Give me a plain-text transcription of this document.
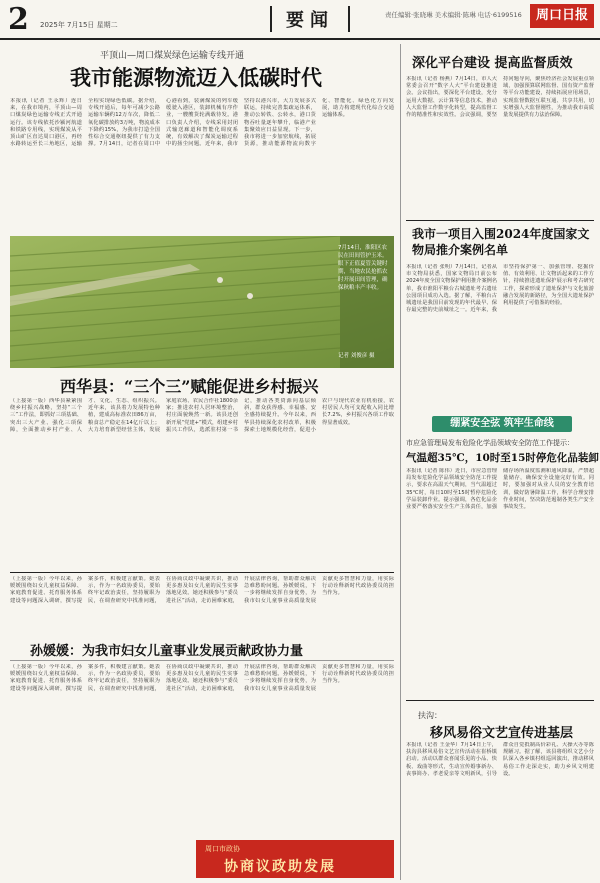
2 2025年 7月15日 星期二	要闻	责任编辑·张晓琳 美术编辑·陈琳 电话·6199516	周口日报
平顶山—周口煤炭绿色运输专线开通
我市能源物流迈入低碳时代
本报讯（记者 王永辉）连日来，在我市境内，平顶山—周口煤炭绿色运输专线正式开通运行。该专线依托沙颍河航道和铁路专用线，实现煤炭从平顶山矿区直达周口港区，再经水路转运至长三角地区，运输全程实现绿色低碳。据介绍，专线开通后，每年可减少公路运输车辆约12万车次，降低二氧化碳排放约3万吨，物流成本下降约15%，为我市打造全国性综合交通枢纽提供了有力支撑。7月14日，记者在周口中心港看到，装满煤炭的列车缓缓驶入港区，装卸机械有序作业，一艘艘货轮满载待发。港口负责人介绍，专线采用封闭式输送廊道和智能化调度系统，有效解决了煤炭运输过程中的扬尘问题。近年来，我市坚持以港兴市，大力发展多式联运，持续完善集疏运体系，推动公转铁、公转水，港口货物吞吐量逐年攀升，临港产业集聚效应日益显现。下一步，我市将进一步加密航线，拓展货源，推动能源物流向数字化、智能化、绿色化方向发展，助力构建现代化综合交通运输体系。
7月14日，淮阳区农民在田间管护玉米。眼下正值夏管关键时期，当地农民抢抓农时开展田间管理，确保秋粮丰产丰收。
记者 刘俊彦 摄
西华县：“三个三”赋能促进乡村振兴
（上接第一版）西华县紧紧围绕乡村振兴战略，坚持“三个三”工作法，即抓好三项基础、突出三大产业、强化三项保障，全面推动乡村产业、人才、文化、生态、组织振兴。近年来，该县着力发展特色种植，建成高标准农田86万亩，粮食总产稳定在14亿斤以上；大力培育新型经营主体，发展家庭农场、农民合作社1800余家；推进农村人居环境整治，村庄面貌焕然一新。该县还创新开展“党建+”模式，组建乡村振兴工作队，选派驻村第一书记，推动各类资源向基层倾斜，群众获得感、幸福感、安全感持续提升。今年以来，西华县持续深化农村改革，积极探索土地规模化经营，促进小农户与现代农业有机衔接，农村居民人均可支配收入同比增长7.2%，乡村振兴各项工作取得显著成效。
（上接第一版）今年以来，孙媛媛围绕妇女儿童权益保障、家庭教育促进、托育服务体系建设等问题深入调研，撰写提案多件，积极建言献策。她表示，作为一名政协委员，要始终牢记政治责任，坚持履职为民，在调查研究中找准问题，在协商议政中凝聚共识，推动更多惠及妇女儿童的民生实事落地见效。她还积极参与“委员进社区”活动，走访困难家庭，开展法律咨询，帮助群众解决急难愁盼问题。孙媛媛说，下一步将继续发挥自身优势，为我市妇女儿童事业高质量发展贡献更多智慧和力量，用实际行动诠释新时代政协委员的担当作为。
孙媛媛：为我市妇女儿童事业发展贡献政协力量
（上接第一版）今年以来，孙媛媛围绕妇女儿童权益保障、家庭教育促进、托育服务体系建设等问题深入调研，撰写提案多件，积极建言献策。她表示，作为一名政协委员，要始终牢记政治责任，坚持履职为民，在调查研究中找准问题，在协商议政中凝聚共识，推动更多惠及妇女儿童的民生实事落地见效。她还积极参与“委员进社区”活动，走访困难家庭，开展法律咨询，帮助群众解决急难愁盼问题。孙媛媛说，下一步将继续发挥自身优势，为我市妇女儿童事业高质量发展贡献更多智慧和力量，用实际行动诠释新时代政协委员的担当作为。
周口市政协
协商议政助发展
深化平台建设 提高监督质效
本报讯（记者 杨燕）7月14日，市人大常委会召开“数字人大”平台建设推进会。会议指出，要深化平台建设，充分运用大数据、云计算等信息技术，推动人大监督工作数字化转型，提高监督工作的精准性和实效性。会议强调，要坚持问题导向，聚焦经济社会发展重点领域，加强预算联网监督、国有资产监督等平台功能建设，持续拓展应用场景，实现监督数据互联互通、共享共用，切实增强人大监督刚性，为推动我市高质量发展提供有力法治保障。
我市一项目入围2024年度国家文物局推介案例名单
本报讯（记者 张明）7月14日，记者从市文物局获悉，国家文物局日前公布2024年度全国文物保护利用推介案例名单，我市淮阳平粮台古城遗址考古遗址公园项目成功入选。据了解，平粮台古城遗址是我国目前发现的年代最早、保存最完整的史前城址之一。近年来，我市坚持保护第一、加强管理、挖掘价值、有效利用、让文物活起来的工作方针，持续推进遗址保护展示和考古研究工作，探索形成了遗址保护与文化旅游融合发展的新路径，为全国大遗址保护利用提供了可借鉴的经验。
绷紧安全弦 筑牢生命线
市应急管理局发布危险化学品领域安全防范工作提示：
气温超35℃，10时至15时停危化品装卸
本报讯（记者 陈伟）近日，市应急管理局发布危险化学品领域安全防范工作提示，要求在高温天气期间，当气温超过35℃时，每日10时至15时暂停危险化学品装卸作业。提示强调，各危化品企业要严格落实安全生产主体责任，加强储存场所温度监测和通风降温，严禁超量储存，确保安全设施完好有效。同时，要加强对从业人员的安全教育培训，做好防暑降温工作，科学合理安排作业时间，坚决防范遏制各类生产安全事故发生。
扶沟：
移风易俗文艺宣传进基层
本报讯（记者 王金华）7月14日上午，扶沟县移风易俗文艺宣传活动在崔桥镇启动。活动以群众喜闻乐见的小品、快板、戏曲等形式，生动宣传婚事新办、丧事简办、孝老爱亲等文明新风，引导群众自觉抵制高价彩礼、大操大办等陈规陋习。据了解，该县将组织文艺小分队深入各乡镇村组巡回演出，推动移风易俗工作走深走实，助力乡风文明建设。
